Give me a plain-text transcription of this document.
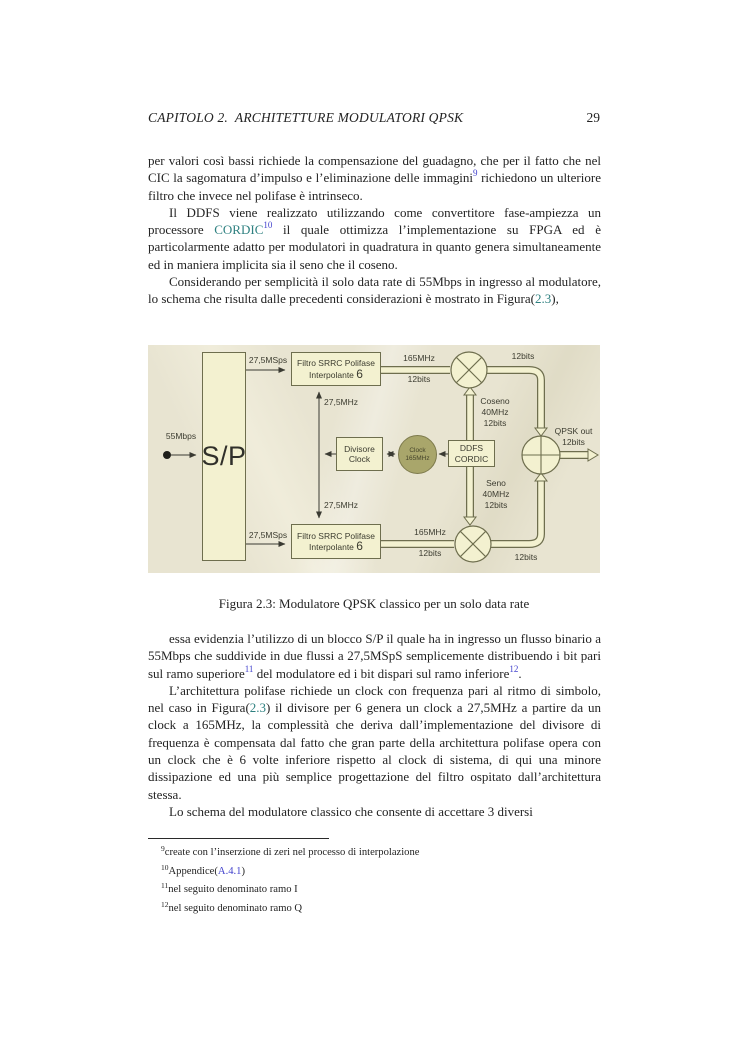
29
CAPITOLO 2.  ARCHITETTURE MODULATORI QPSK

per valori così bassi richiede la compensazione del guadagno, che per il fatto che nel CIC la sagomatura d’impulso e l’eliminazione delle immagini$^9$ richiedono un ulteriore filtro che invece nel polifase è intrinseco.

Il DDFS viene realizzato utilizzando come convertitore fase-ampiezza un processore CORDIC$^{10}$ il quale ottimizza l’implementazione su FPGA ed è particolarmente adatto per modulatori in quadratura in quanto genera simultaneamente ed in maniera implicita sia il seno che il coseno.

Considerando per semplicità il solo data rate di 55Mbps in ingresso al modulatore, lo schema che risulta dalle precedenti considerazioni è mostrato in Figura(2.3),

S/P
Filtro SRRC Polifase
Interpolante 6
Filtro SRRC Polifase
Interpolante 6
Divisore
Clock
Clock
165MHz
DDFS
CORDIC
55Mbps
27,5MSps
27,5MSps
27,5MHz
27,5MHz
165MHz
12bits
12bits
Coseno
40MHz
12bits
Seno
40MHz
12bits
165MHz
12bits	12bits
QPSK out
12bits
Figura 2.3: Modulatore QPSK classico per un solo data rate

essa evidenzia l’utilizzo di un blocco S/P il quale ha in ingresso un flusso binario a 55Mbps che suddivide in due flussi a 27,5MSpS semplicemente distribuendo i bit pari sul ramo superiore$^{11}$ del modulatore ed i bit dispari sul ramo inferiore$^{12}$.

L’architettura polifase richiede un clock con frequenza pari al ritmo di simbolo, nel caso in Figura(2.3) il divisore per 6 genera un clock a 27,5MHz a partire da un clock a 165MHz, la complessità che deriva dall’implementazione del divisore di frequenza è compensata dal fatto che gran parte della architettura polifase opera con un clock che è 6 volte inferiore rispetto al clock di sistema, di qui una minore dissipazione ed una più semplice progettazione del filtro ospitato dall’architettura stessa.

Lo schema del modulatore classico che consente di accettare 3 diversi

$^9$create con l’inserzione di zeri nel processo di interpolazione
$^{10}$Appendice(A.4.1)
$^{11}$nel seguito denominato ramo I
$^{12}$nel seguito denominato ramo Q
